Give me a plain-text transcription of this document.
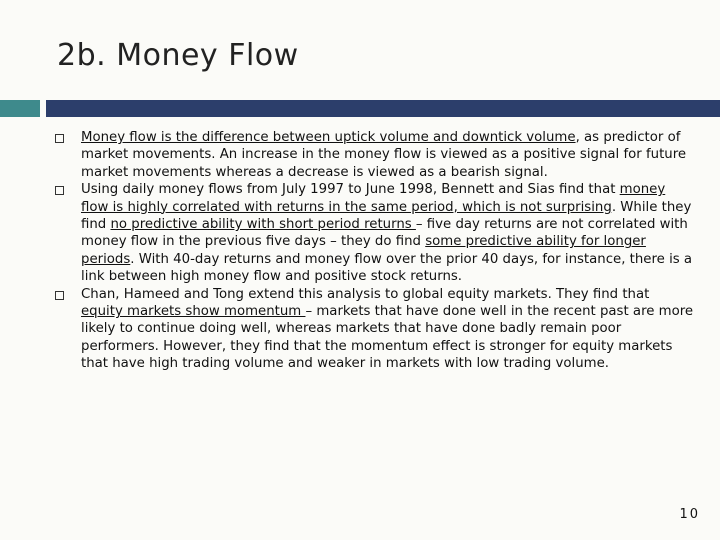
2b. Money Flow
Money flow is the difference between uptick volume and downtick volume, as predictor of market movements. An increase in the money flow is viewed as a positive signal for future market movements whereas a decrease is viewed as a bearish signal.
Using daily money flows from July 1997 to June 1998, Bennett and Sias find that money flow is highly correlated with returns in the same period, which is not surprising. While they find no predictive ability with short period returns – five day returns are not correlated with money flow in the previous five days – they do find some predictive ability for longer periods. With 40-day returns and money flow over the prior 40 days, for instance, there is a link between high money flow and positive stock returns.
Chan, Hameed and Tong extend this analysis to global equity markets. They find that equity markets show momentum – markets that have done well in the recent past are more likely to continue doing well, whereas markets that have done badly remain poor performers. However, they find that the momentum effect is stronger for equity markets that have high trading volume and weaker in markets with low trading volume.
10
